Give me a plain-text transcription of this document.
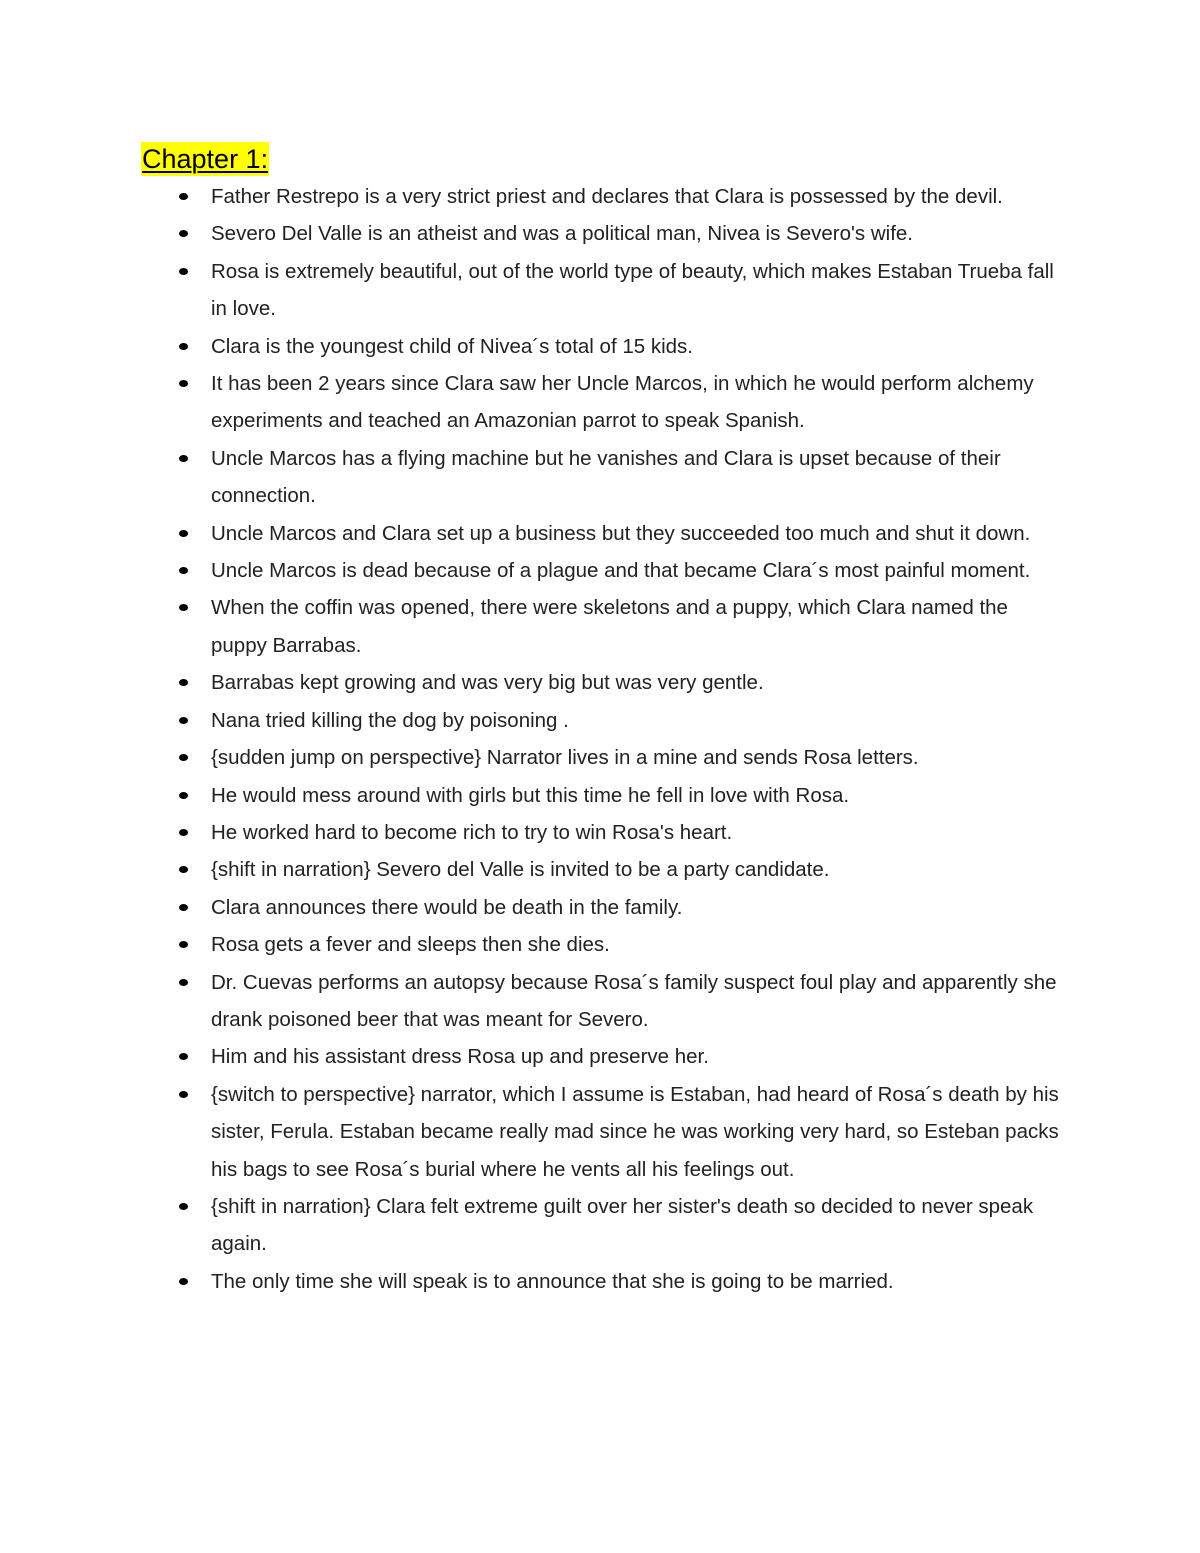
Chapter 1:
Father Restrepo is a very strict priest and declares that Clara is possessed by the devil.
Severo Del Valle is an atheist and was a political man, Nivea is Severo's wife.
Rosa is extremely beautiful, out of the world type of beauty, which makes Estaban Trueba fall in love.
Clara is the youngest child of Nivea´s total of 15 kids.
It has been 2 years since Clara saw her Uncle Marcos, in which he would perform alchemy experiments and teached an Amazonian parrot to speak Spanish.
Uncle Marcos has a flying machine but he vanishes and Clara is upset because of their connection.
Uncle Marcos and Clara set up a business but they succeeded too much and shut it down.
Uncle Marcos is dead because of a plague and that became Clara´s most painful moment.
When the coffin was opened, there were skeletons and a puppy, which Clara named the puppy Barrabas.
Barrabas kept growing and was very big but was very gentle.
Nana tried killing the dog by poisoning .
{sudden jump on perspective} Narrator lives in a mine and sends Rosa letters.
He would mess around with girls but this time he fell in love with Rosa.
He worked hard to become rich to try to win Rosa's heart.
{shift in narration} Severo del Valle is invited to be a party candidate.
Clara announces there would be death in the family.
Rosa gets a fever and sleeps then she dies.
Dr. Cuevas performs an autopsy because Rosa´s family suspect foul play and apparently she drank poisoned beer that was meant for Severo.
Him and his assistant dress Rosa up and preserve her.
{switch to perspective} narrator, which I assume is Estaban, had heard of Rosa´s death by his sister, Ferula. Estaban became really mad since he was working very hard, so Esteban packs his bags to see Rosa´s burial where he vents all his feelings out.
{shift in narration} Clara felt extreme guilt over her sister's death so decided to never speak again.
The only time she will speak is to announce that she is going to be married.
